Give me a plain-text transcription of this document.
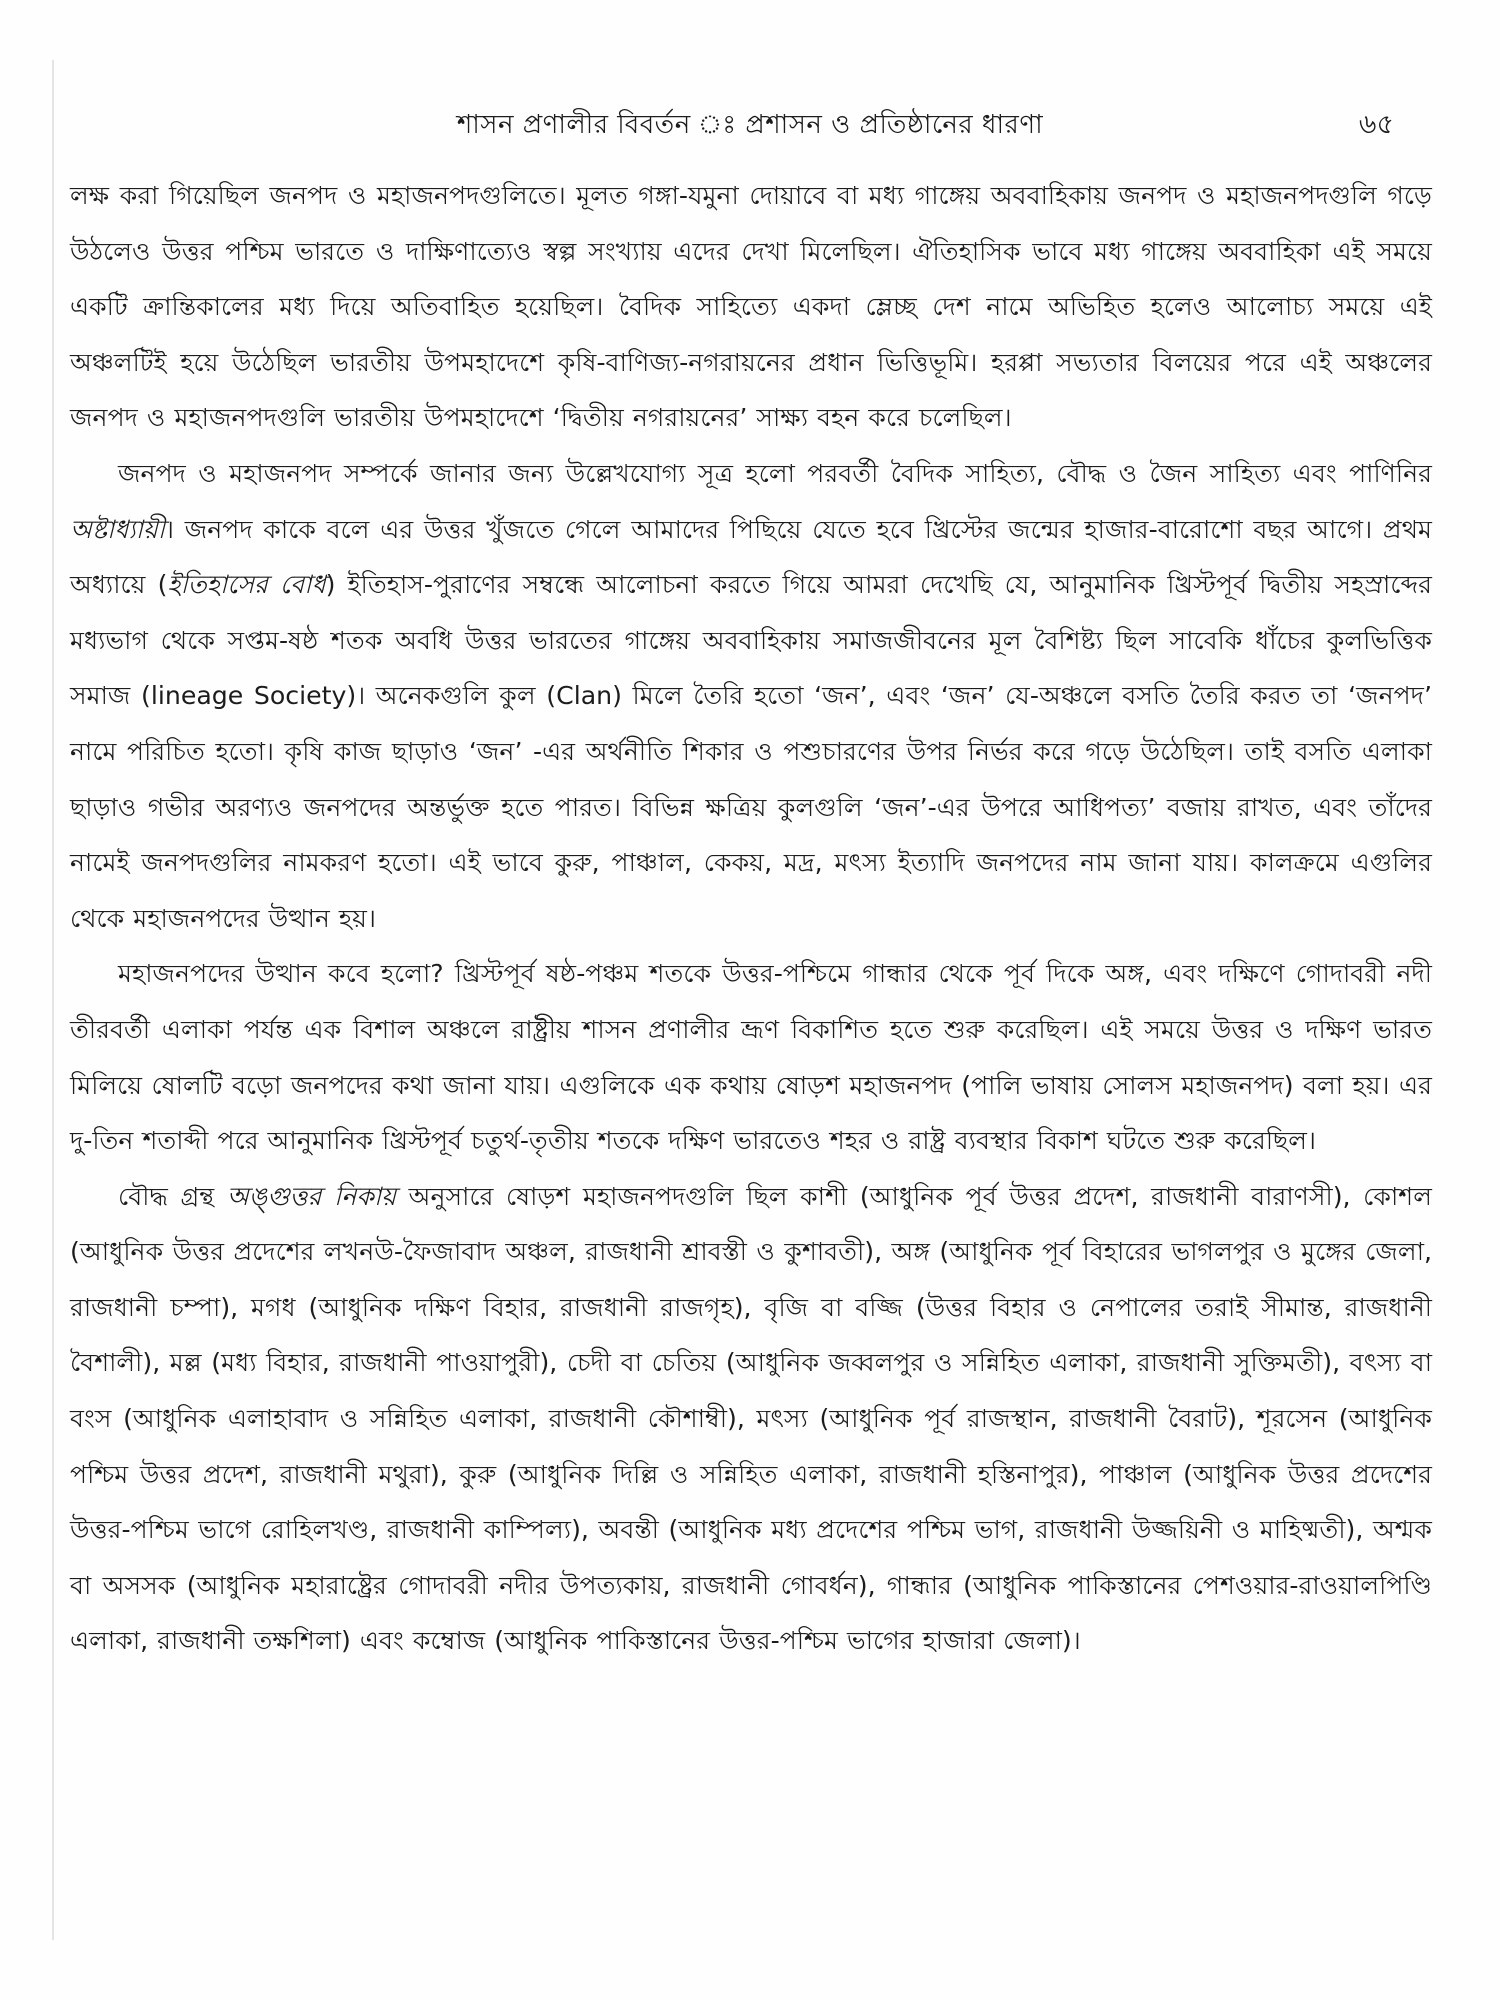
শাসন প্রণালীর বিবর্তন ঃ প্রশাসন ও প্রতিষ্ঠানের ধারণা	৬৫

লক্ষ করা গিয়েছিল জনপদ ও মহাজনপদগুলিতে। মূলত গঙ্গা-যমুনা দোয়াবে বা মধ্য গাঙ্গেয় অববাহিকায় জনপদ ও মহাজনপদগুলি গড়ে উঠলেও উত্তর পশ্চিম ভারতে ও দাক্ষিণাত্যেও স্বল্প সংখ্যায় এদের দেখা মিলেছিল। ঐতিহাসিক ভাবে মধ্য গাঙ্গেয় অববাহিকা এই সময়ে একটি ক্রান্তিকালের মধ্য দিয়ে অতিবাহিত হয়েছিল। বৈদিক সাহিত্যে একদা ম্লেচ্ছ দেশ নামে অভিহিত হলেও আলোচ্য সময়ে এই অঞ্চলটিই হয়ে উঠেছিল ভারতীয় উপমহাদেশে কৃষি-বাণিজ্য-নগরায়নের প্রধান ভিত্তিভূমি। হরপ্পা সভ্যতার বিলয়ের পরে এই অঞ্চলের জনপদ ও মহাজনপদগুলি ভারতীয় উপমহাদেশে ‘দ্বিতীয় নগরায়নের’ সাক্ষ্য বহন করে চলেছিল।

জনপদ ও মহাজনপদ সম্পর্কে জানার জন্য উল্লেখযোগ্য সূত্র হলো পরবর্তী বৈদিক সাহিত্য, বৌদ্ধ ও জৈন সাহিত্য এবং পাণিনির অষ্টাধ্যায়ী। জনপদ কাকে বলে এর উত্তর খুঁজতে গেলে আমাদের পিছিয়ে যেতে হবে খ্রিস্টের জন্মের হাজার-বারোশো বছর আগে। প্রথম অধ্যায়ে (ইতিহাসের বোধ) ইতিহাস-পুরাণের সম্বন্ধে আলোচনা করতে গিয়ে আমরা দেখেছি যে, আনুমানিক খ্রিস্টপূর্ব দ্বিতীয় সহস্রাব্দের মধ্যভাগ থেকে সপ্তম-ষষ্ঠ শতক অবধি উত্তর ভারতের গাঙ্গেয় অববাহিকায় সমাজজীবনের মূল বৈশিষ্ট্য ছিল সাবেকি ধাঁচের কুলভিত্তিক সমাজ (lineage Society)। অনেকগুলি কুল (Clan) মিলে তৈরি হতো ‘জন’, এবং ‘জন’ যে-অঞ্চলে বসতি তৈরি করত তা ‘জনপদ’ নামে পরিচিত হতো। কৃষি কাজ ছাড়াও ‘জন’ -এর অর্থনীতি শিকার ও পশুচারণের উপর নির্ভর করে গড়ে উঠেছিল। তাই বসতি এলাকা ছাড়াও গভীর অরণ্যও জনপদের অন্তর্ভুক্ত হতে পারত। বিভিন্ন ক্ষত্রিয় কুলগুলি ‘জন’-এর উপরে আধিপত্য’ বজায় রাখত, এবং তাঁদের নামেই জনপদগুলির নামকরণ হতো। এই ভাবে কুরু, পাঞ্চাল, কেকয়, মদ্র, মৎস্য ইত্যাদি জনপদের নাম জানা যায়। কালক্রমে এগুলির থেকে মহাজনপদের উত্থান হয়।

মহাজনপদের উত্থান কবে হলো? খ্রিস্টপূর্ব ষষ্ঠ-পঞ্চম শতকে উত্তর-পশ্চিমে গান্ধার থেকে পূর্ব দিকে অঙ্গ, এবং দক্ষিণে গোদাবরী নদী তীরবর্তী এলাকা পর্যন্ত এক বিশাল অঞ্চলে রাষ্ট্রীয় শাসন প্রণালীর ভ্রূণ বিকাশিত হতে শুরু করেছিল। এই সময়ে উত্তর ও দক্ষিণ ভারত মিলিয়ে ষোলটি বড়ো জনপদের কথা জানা যায়। এগুলিকে এক কথায় ষোড়শ মহাজনপদ (পালি ভাষায় সোলস মহাজনপদ) বলা হয়। এর দু-তিন শতাব্দী পরে আনুমানিক খ্রিস্টপূর্ব চতুর্থ-তৃতীয় শতকে দক্ষিণ ভারতেও শহর ও রাষ্ট্র ব্যবস্থার বিকাশ ঘটতে শুরু করেছিল।

বৌদ্ধ গ্রন্থ অঙ্গুত্তর নিকায় অনুসারে ষোড়শ মহাজনপদগুলি ছিল কাশী (আধুনিক পূর্ব উত্তর প্রদেশ, রাজধানী বারাণসী), কোশল (আধুনিক উত্তর প্রদেশের লখনউ-ফৈজাবাদ অঞ্চল, রাজধানী শ্রাবস্তী ও কুশাবতী), অঙ্গ (আধুনিক পূর্ব বিহারের ভাগলপুর ও মুঙ্গের জেলা, রাজধানী চম্পা), মগধ (আধুনিক দক্ষিণ বিহার, রাজধানী রাজগৃহ), বৃজি বা বজ্জি (উত্তর বিহার ও নেপালের তরাই সীমান্ত, রাজধানী বৈশালী), মল্ল (মধ্য বিহার, রাজধানী পাওয়াপুরী), চেদী বা চেতিয় (আধুনিক জব্বলপুর ও সন্নিহিত এলাকা, রাজধানী সুক্তিমতী), বৎস্য বা বংস (আধুনিক এলাহাবাদ ও সন্নিহিত এলাকা, রাজধানী কৌশাম্বী), মৎস্য (আধুনিক পূর্ব রাজস্থান, রাজধানী বৈরাট), শূরসেন (আধুনিক পশ্চিম উত্তর প্রদেশ, রাজধানী মথুরা), কুরু (আধুনিক দিল্লি ও সন্নিহিত এলাকা, রাজধানী হস্তিনাপুর), পাঞ্চাল (আধুনিক উত্তর প্রদেশের উত্তর-পশ্চিম ভাগে রোহিলখণ্ড, রাজধানী কাম্পিল্য), অবন্তী (আধুনিক মধ্য প্রদেশের পশ্চিম ভাগ, রাজধানী উজ্জয়িনী ও মাহিষ্মতী), অশ্মক বা অসসক (আধুনিক মহারাষ্ট্রের গোদাবরী নদীর উপত্যকায়, রাজধানী গোবর্ধন), গান্ধার (আধুনিক পাকিস্তানের পেশওয়ার-রাওয়ালপিণ্ডি এলাকা, রাজধানী তক্ষশিলা) এবং কম্বোজ (আধুনিক পাকিস্তানের উত্তর-পশ্চিম ভাগের হাজারা জেলা)।
